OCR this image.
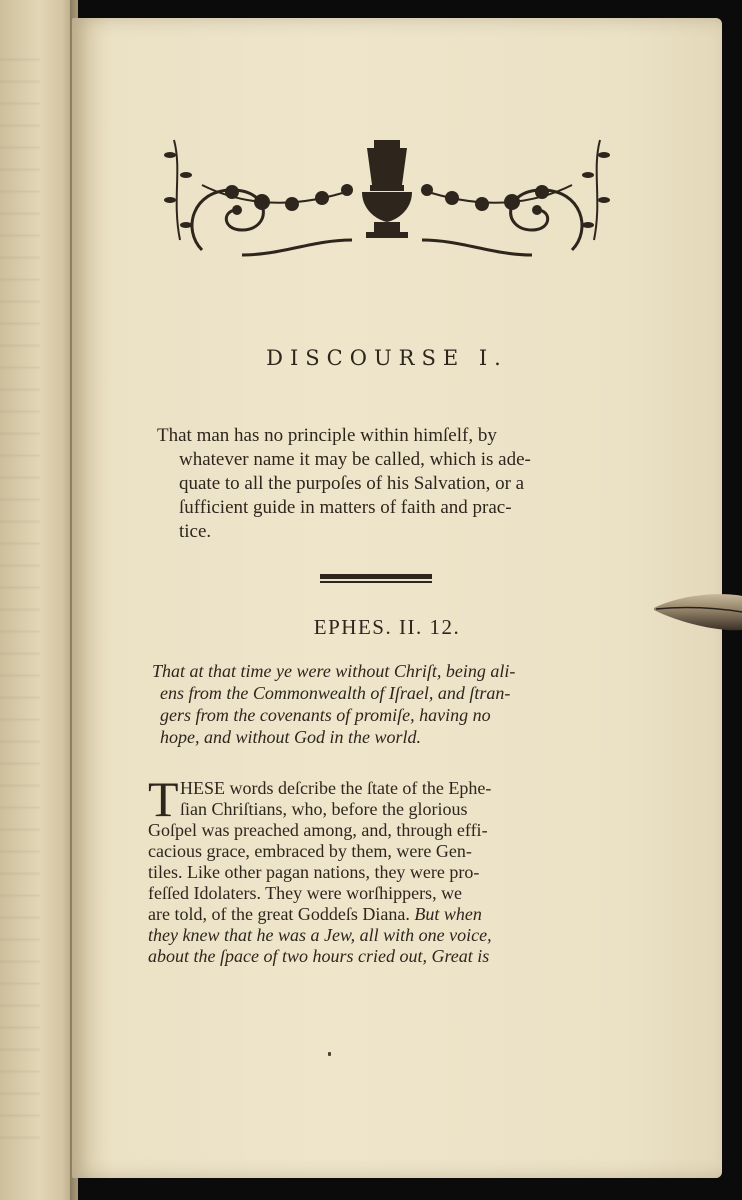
DISCOURSE I.
That man has no principle within himſelf, by
whatever name it may be called, which is ade-
quate to all the purpoſes of his Salvation, or a
ſufficient guide in matters of faith and prac-
tice.
EPHES. II. 12.
That at that time ye were without Chriſt, being ali-
ens from the Commonwealth of Iſrael, and ſtran-
gers from the covenants of promiſe, having no
hope, and without God in the world.
T HESE words deſcribe the ſtate of the Ephe-
ſian Chriſtians, who, before the glorious
Goſpel was preached among, and, through effi-
cacious grace, embraced by them, were Gen-
tiles. Like other pagan nations, they were pro-
feſſed Idolaters. They were worſhippers, we
are told, of the great Goddeſs Diana. But when
they knew that he was a Jew, all with one voice,
about the ſpace of two hours cried out, Great is
